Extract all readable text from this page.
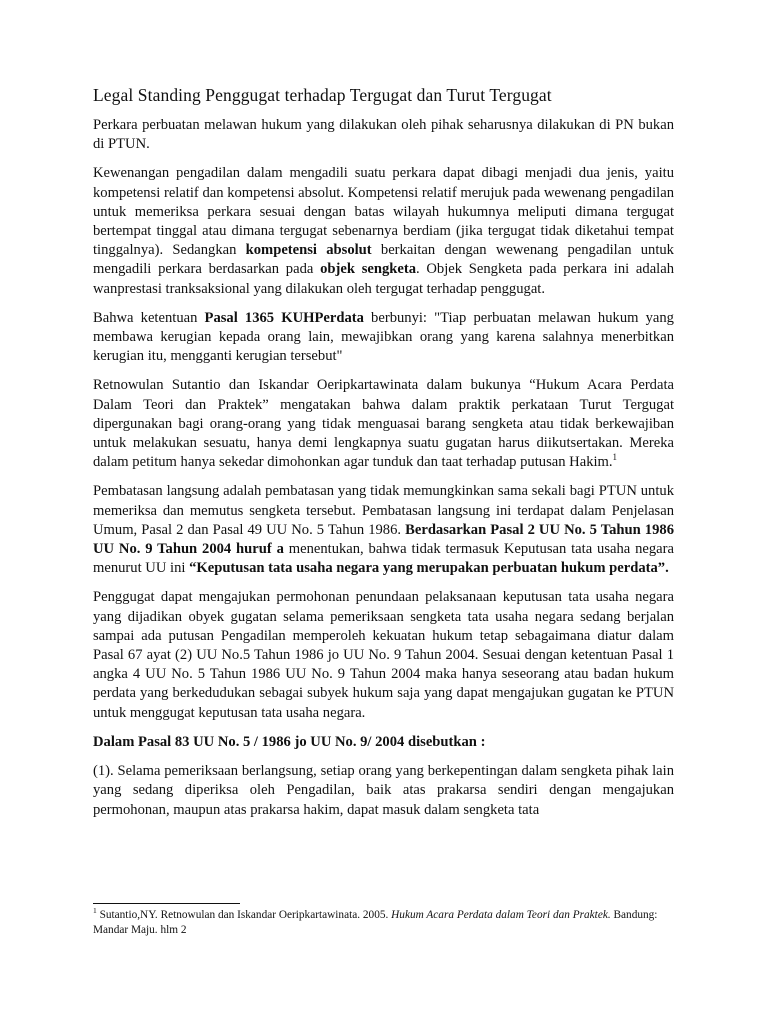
Legal Standing Penggugat terhadap Tergugat dan Turut Tergugat

Perkara perbuatan melawan hukum yang dilakukan oleh pihak seharusnya dilakukan di PN bukan di PTUN.

Kewenangan pengadilan dalam mengadili suatu perkara dapat dibagi menjadi dua jenis, yaitu kompetensi relatif dan kompetensi absolut. Kompetensi relatif merujuk pada wewenang pengadilan untuk memeriksa perkara sesuai dengan batas wilayah hukumnya meliputi dimana tergugat bertempat tinggal atau dimana tergugat sebenarnya berdiam (jika tergugat tidak diketahui tempat tinggalnya). Sedangkan kompetensi absolut berkaitan dengan wewenang pengadilan untuk mengadili perkara berdasarkan pada objek sengketa. Objek Sengketa pada perkara ini adalah wanprestasi tranksaksional yang dilakukan oleh tergugat terhadap penggugat.

Bahwa ketentuan Pasal 1365 KUHPerdata berbunyi: "Tiap perbuatan melawan hukum yang membawa kerugian kepada orang lain, mewajibkan orang yang karena salahnya menerbitkan kerugian itu, mengganti kerugian tersebut"

Retnowulan Sutantio dan Iskandar Oeripkartawinata dalam bukunya “Hukum Acara Perdata Dalam Teori dan Praktek” mengatakan bahwa dalam praktik perkataan Turut Tergugat dipergunakan bagi orang-orang yang tidak menguasai barang sengketa atau tidak berkewajiban untuk melakukan sesuatu, hanya demi lengkapnya suatu gugatan harus diikutsertakan. Mereka dalam petitum hanya sekedar dimohonkan agar tunduk dan taat terhadap putusan Hakim.$^1$

Pembatasan langsung adalah pembatasan yang tidak memungkinkan sama sekali bagi PTUN untuk memeriksa dan memutus sengketa tersebut. Pembatasan langsung ini terdapat dalam Penjelasan Umum, Pasal 2 dan Pasal 49 UU No. 5 Tahun 1986. Berdasarkan Pasal 2 UU No. 5 Tahun 1986 UU No. 9 Tahun 2004 huruf a menentukan, bahwa tidak termasuk Keputusan tata usaha negara menurut UU ini “Keputusan tata usaha negara yang merupakan perbuatan hukum perdata”.

Penggugat dapat mengajukan permohonan penundaan pelaksanaan keputusan tata usaha negara yang dijadikan obyek gugatan selama pemeriksaan sengketa tata usaha negara sedang berjalan sampai ada putusan Pengadilan memperoleh kekuatan hukum tetap sebagaimana diatur dalam Pasal 67 ayat (2) UU No.5 Tahun 1986 jo UU No. 9 Tahun 2004. Sesuai dengan ketentuan Pasal 1 angka 4 UU No. 5 Tahun 1986 UU No. 9 Tahun 2004 maka hanya seseorang atau badan hukum perdata yang berkedudukan sebagai subyek hukum saja yang dapat mengajukan gugatan ke PTUN untuk menggugat keputusan tata usaha negara.

Dalam Pasal 83 UU No. 5 / 1986 jo UU No. 9/ 2004 disebutkan :

(1). Selama pemeriksaan berlangsung, setiap orang yang berkepentingan dalam sengketa pihak lain yang sedang diperiksa oleh Pengadilan, baik atas prakarsa sendiri dengan mengajukan permohonan, maupun atas prakarsa hakim, dapat masuk dalam sengketa tata

$^1$ Sutantio,NY. Retnowulan dan Iskandar Oeripkartawinata. 2005. Hukum Acara Perdata dalam Teori dan Praktek. Bandung: Mandar Maju. hlm 2
